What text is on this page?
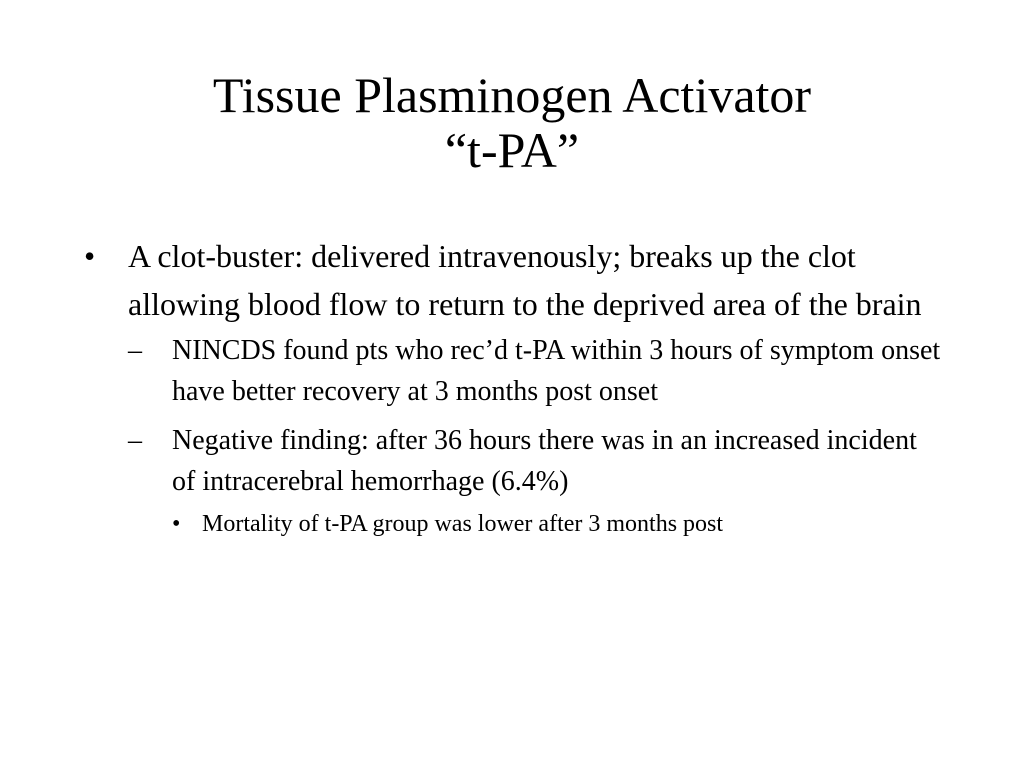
Tissue Plasminogen Activator
“t-PA”
• A clot-buster: delivered intravenously; breaks up the clot allowing blood flow to return to the deprived area of the brain
– NINCDS found pts who rec’d t-PA within 3 hours of symptom onset have better recovery at 3 months post onset
– Negative finding: after 36 hours there was in an increased incident of intracerebral hemorrhage (6.4%)
• Mortality of t-PA group was lower after 3 months post
